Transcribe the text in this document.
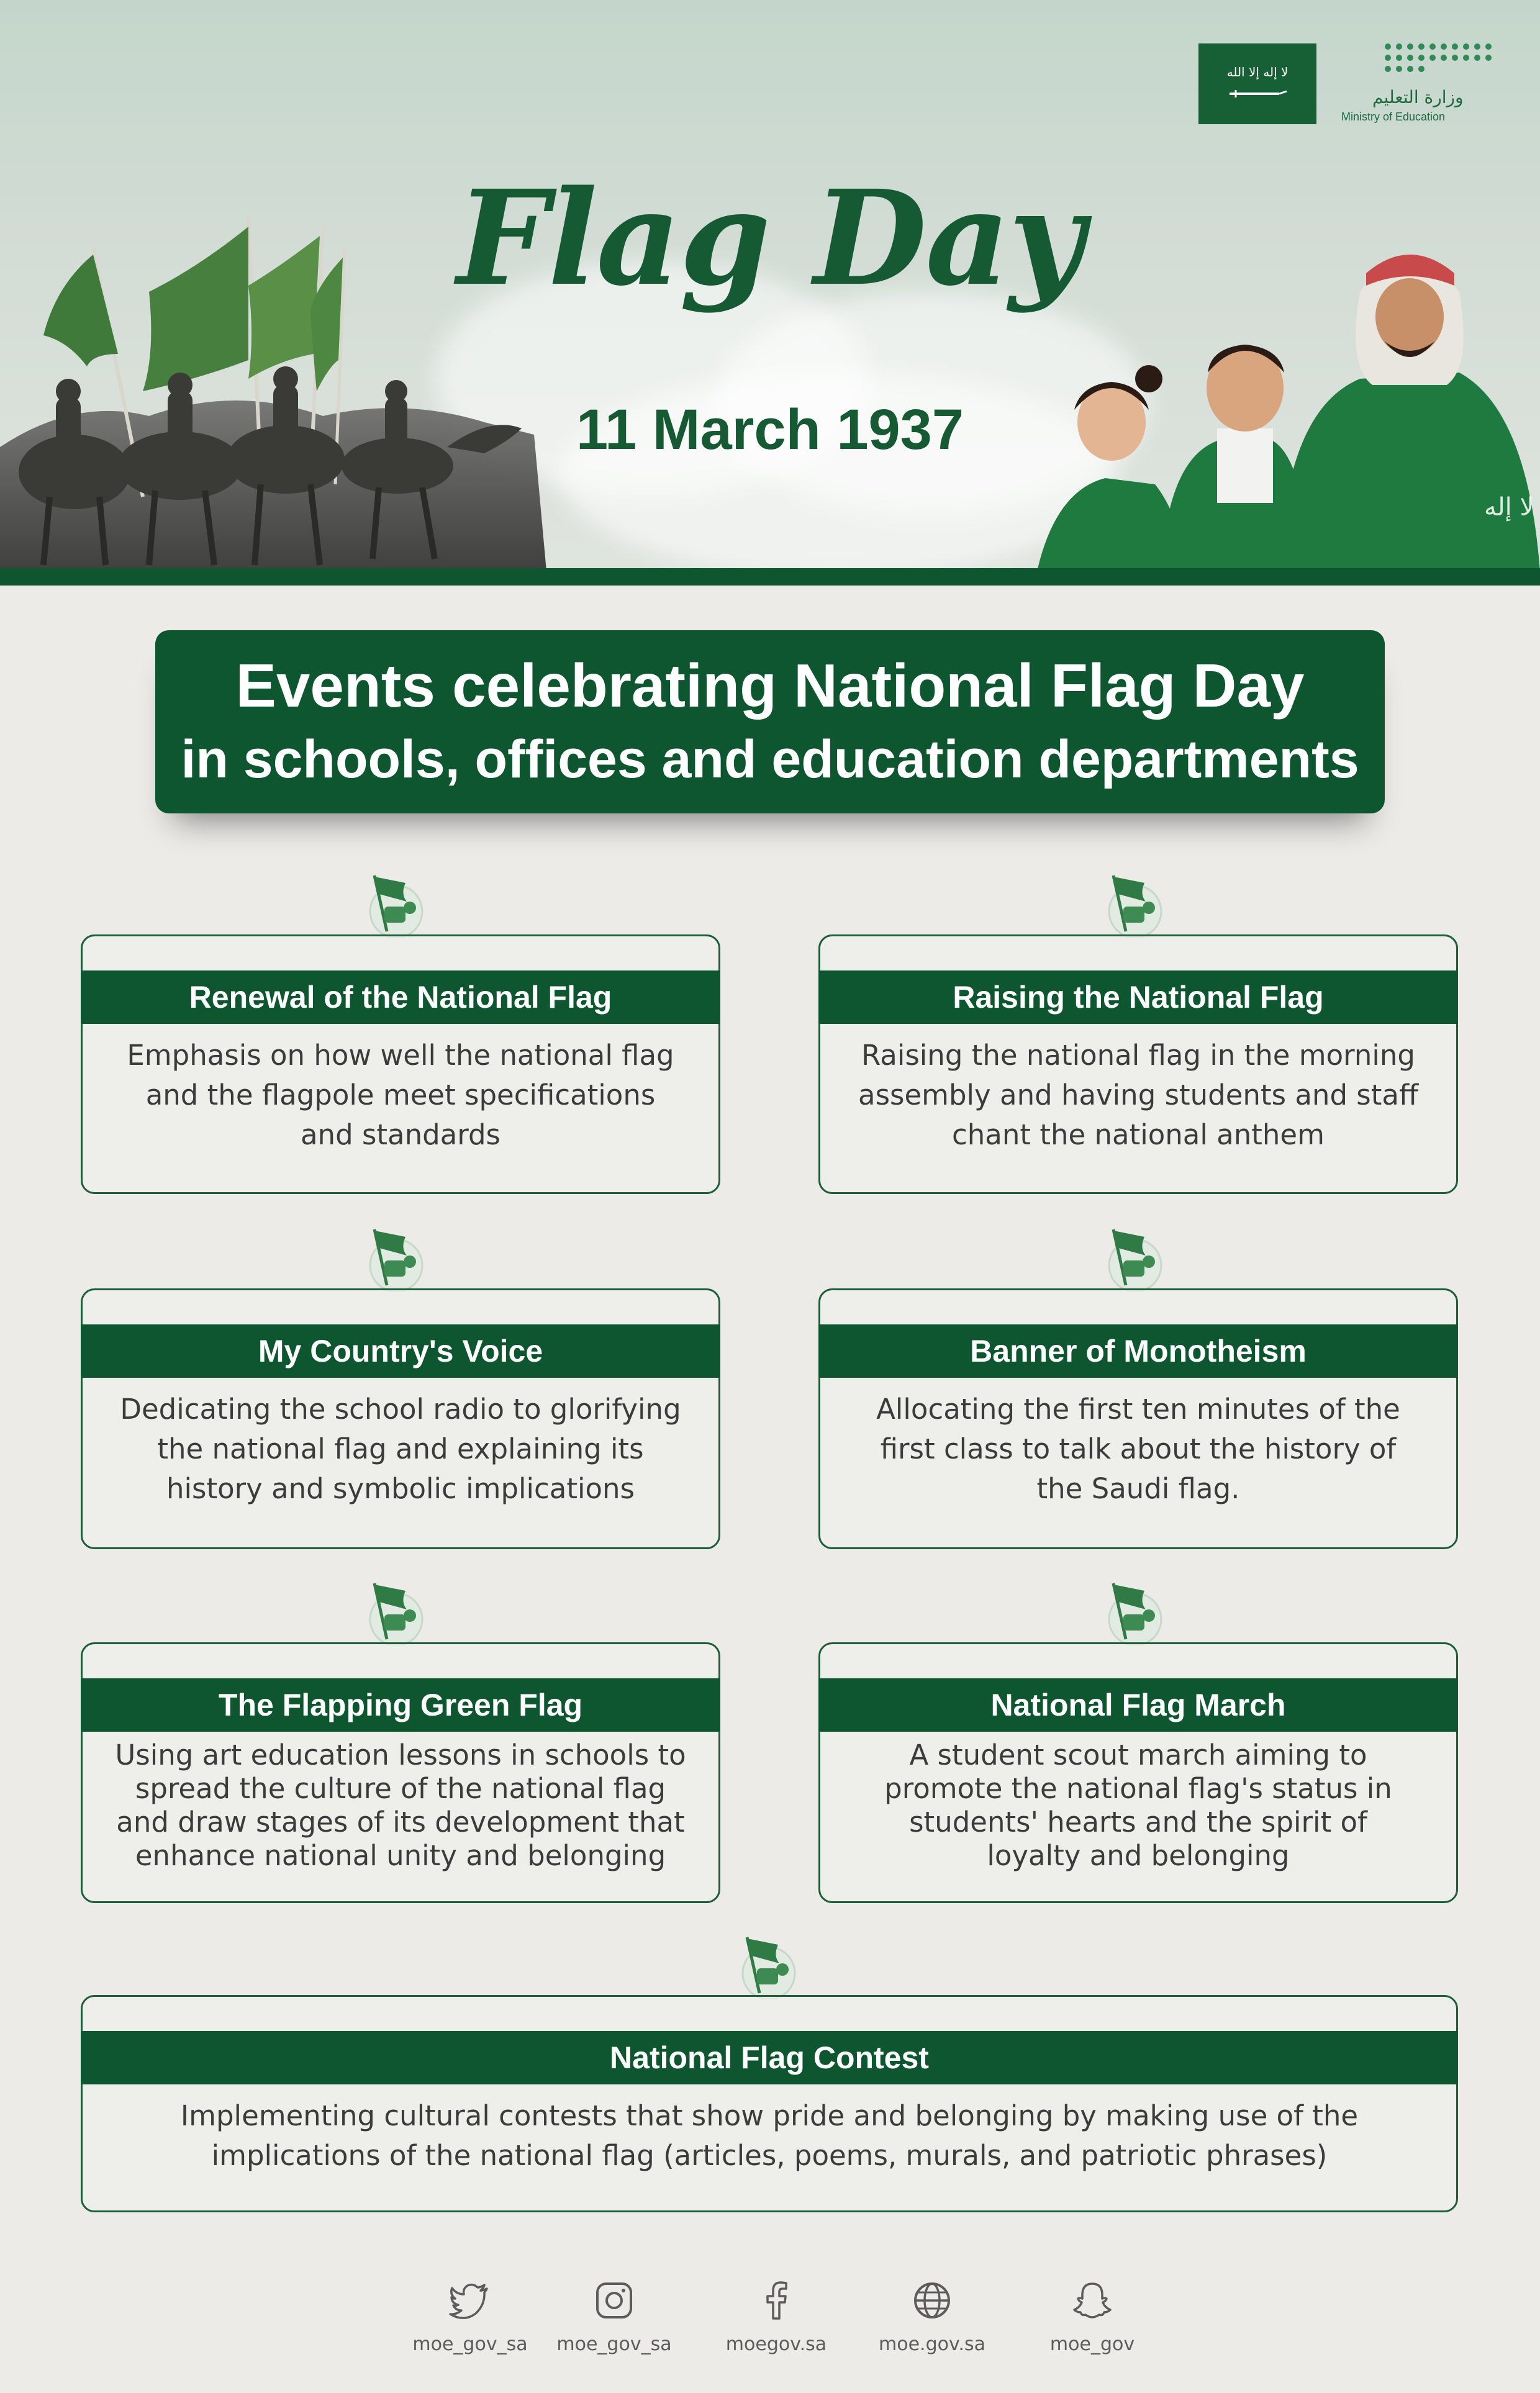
لا إله إلا الله
وزارة التعليم
Ministry of Education
Flag Day
11 March 1937
لا إله
Events celebrating National Flag Day
in schools, offices and education departments
Renewal of the National Flag
Emphasis on how well the national flag
and the flagpole meet specifications
and standards
Raising the National Flag
Raising the national flag in the morning
assembly and having students and staff
chant the national anthem
My Country's Voice
Dedicating the school radio to glorifying
the national flag and explaining its
history and symbolic implications
Banner of Monotheism
Allocating the first ten minutes of the
first class to talk about the history of
the Saudi flag.
The Flapping Green Flag
Using art education lessons in schools to
spread the culture of the national flag
and draw stages of its development that
enhance national unity and belonging
National Flag March
A student scout march aiming to
promote the national flag's status in
students' hearts and the spirit of
loyalty and belonging
National Flag Contest
Implementing cultural contests that show pride and belonging by making use of the
implications of the national flag (articles, poems, murals, and patriotic phrases)
moe_gov_sa	moe_gov_sa	moegov.sa	moe.gov.sa	moe_gov
